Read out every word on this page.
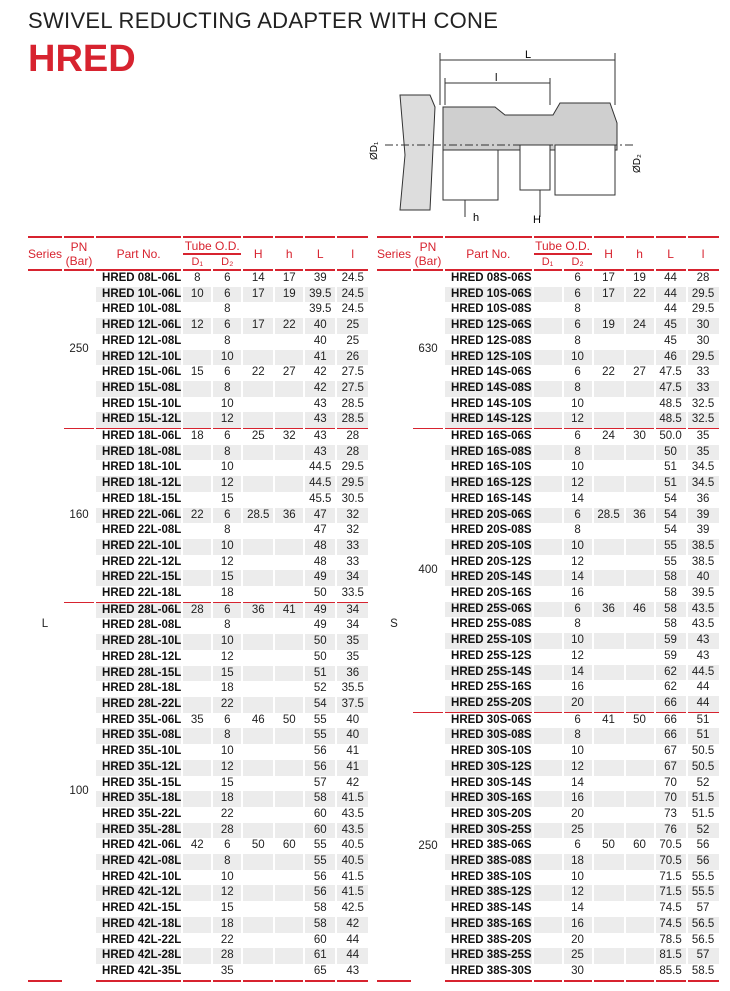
SWIVEL REDUCTING ADAPTER WITH CONE
HRED	L
l
ØD₁
ØD₂
h	H
Series	PN
(Bar)	Part No.	Tube O.D.		H	h	L	l
			D₁	D₂				
L	250	HRED 08L-06L	8	6	14	17	39	24.5
		HRED 10L-06L	10	6	17	19	39.5	24.5
		HRED 10L-08L		8			39.5	24.5
		HRED 12L-06L	12	6	17	22	40	25
		HRED 12L-08L		8			40	25
		HRED 12L-10L		10			41	26
		HRED 15L-06L	15	6	22	27	42	27.5
		HRED 15L-08L		8			42	27.5
		HRED 15L-10L		10			43	28.5
		HRED 15L-12L		12			43	28.5
	160	HRED 18L-06L	18	6	25	32	43	28
		HRED 18L-08L		8			43	28
		HRED 18L-10L		10			44.5	29.5
		HRED 18L-12L		12			44.5	29.5
		HRED 18L-15L		15			45.5	30.5
		HRED 22L-06L	22	6	28.5	36	47	32
		HRED 22L-08L		8			47	32
		HRED 22L-10L		10			48	33
		HRED 22L-12L		12			48	33
		HRED 22L-15L		15			49	34
		HRED 22L-18L		18			50	33.5
	100	HRED 28L-06L	28	6	36	41	49	34
		HRED 28L-08L		8			49	34
		HRED 28L-10L		10			50	35
		HRED 28L-12L		12			50	35
		HRED 28L-15L		15			51	36
		HRED 28L-18L		18			52	35.5
		HRED 28L-22L		22			54	37.5
		HRED 35L-06L	35	6	46	50	55	40
		HRED 35L-08L		8			55	40
		HRED 35L-10L		10			56	41
		HRED 35L-12L		12			56	41
		HRED 35L-15L		15			57	42
		HRED 35L-18L		18			58	41.5
		HRED 35L-22L		22			60	43.5
		HRED 35L-28L		28			60	43.5
		HRED 42L-06L	42	6	50	60	55	40.5
		HRED 42L-08L		8			55	40.5
		HRED 42L-10L		10			56	41.5
		HRED 42L-12L		12			56	41.5
		HRED 42L-15L		15			58	42.5
		HRED 42L-18L		18			58	42
		HRED 42L-22L		22			60	44
		HRED 42L-28L		28			61	44
		HRED 42L-35L		35			65	43
Series	PN
(Bar)	Part No.	Tube O.D.		H	h	L	l
			D₁	D₂				
S	630	HRED 08S-06S		6	17	19	44	28
		HRED 10S-06S		6	17	22	44	29.5
		HRED 10S-08S		8			44	29.5
		HRED 12S-06S		6	19	24	45	30
		HRED 12S-08S		8			45	30
		HRED 12S-10S		10			46	29.5
		HRED 14S-06S		6	22	27	47.5	33
		HRED 14S-08S		8			47.5	33
		HRED 14S-10S		10			48.5	32.5
		HRED 14S-12S		12			48.5	32.5
	400	HRED 16S-06S		6	24	30	50.0	35
		HRED 16S-08S		8			50	35
		HRED 16S-10S		10			51	34.5
		HRED 16S-12S		12			51	34.5
		HRED 16S-14S		14			54	36
		HRED 20S-06S		6	28.5	36	54	39
		HRED 20S-08S		8			54	39
		HRED 20S-10S		10			55	38.5
		HRED 20S-12S		12			55	38.5
		HRED 20S-14S		14			58	40
		HRED 20S-16S		16			58	39.5
		HRED 25S-06S		6	36	46	58	43.5
		HRED 25S-08S		8			58	43.5
		HRED 25S-10S		10			59	43
		HRED 25S-12S		12			59	43
		HRED 25S-14S		14			62	44.5
		HRED 25S-16S		16			62	44
		HRED 25S-20S		20			66	44
	250	HRED 30S-06S		6	41	50	66	51
		HRED 30S-08S		8			66	51
		HRED 30S-10S		10			67	50.5
		HRED 30S-12S		12			67	50.5
		HRED 30S-14S		14			70	52
		HRED 30S-16S		16			70	51.5
		HRED 30S-20S		20			73	51.5
		HRED 30S-25S		25			76	52
		HRED 38S-06S		6	50	60	70.5	56
		HRED 38S-08S		18			70.5	56
		HRED 38S-10S		10			71.5	55.5
		HRED 38S-12S		12			71.5	55.5
		HRED 38S-14S		14			74.5	57
		HRED 38S-16S		16			74.5	56.5
		HRED 38S-20S		20			78.5	56.5
		HRED 38S-25S		25			81.5	57
		HRED 38S-30S		30			85.5	58.5
